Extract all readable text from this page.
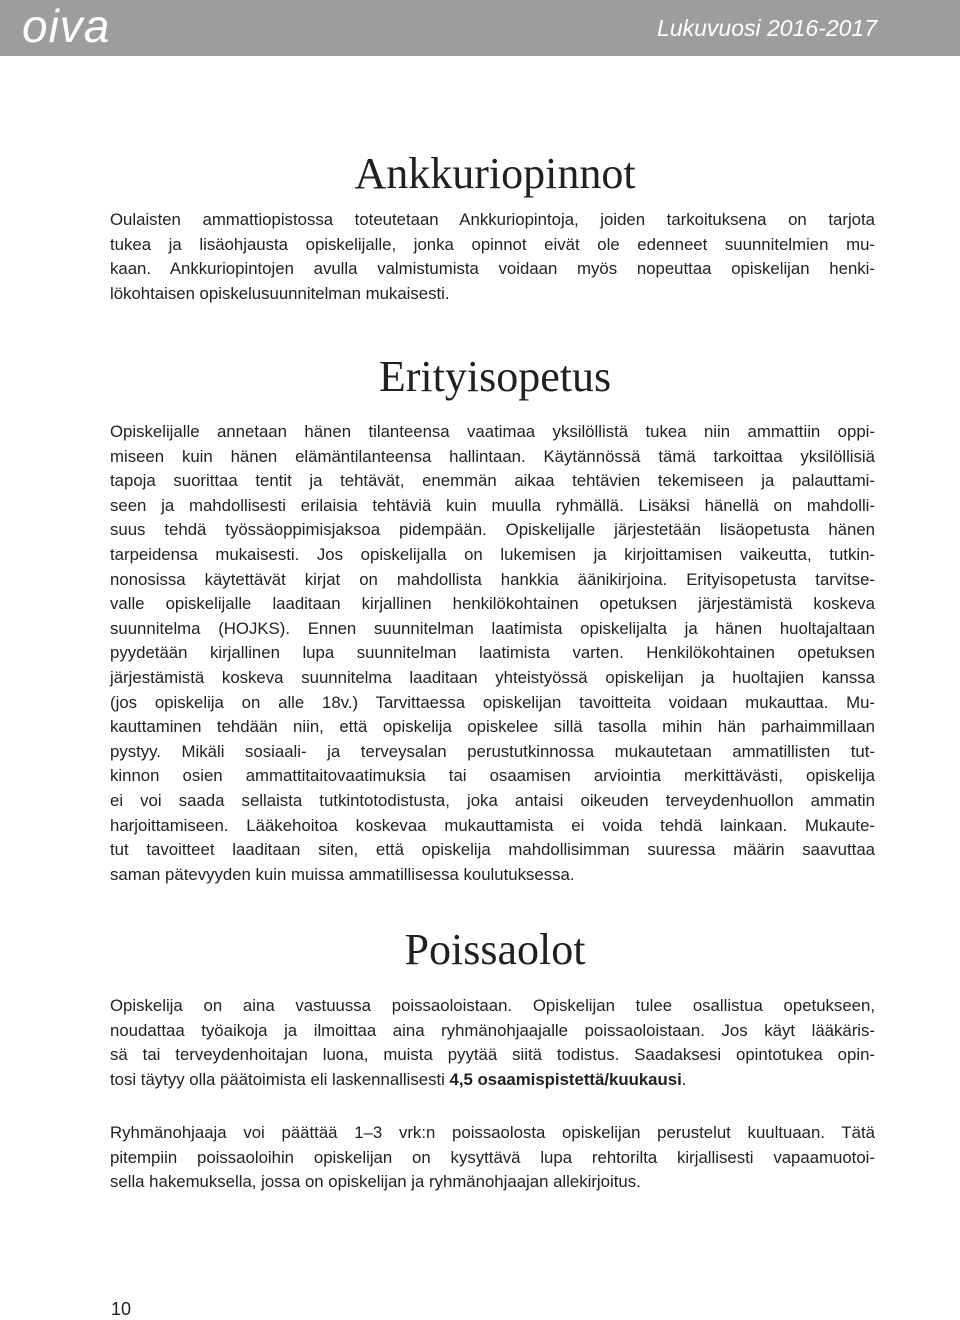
oiva	Lukuvuosi 2016-2017
Ankkuriopinnot
Oulaisten ammattiopistossa toteutetaan Ankkuriopintoja, joiden tarkoituksena on tarjota
tukea ja lisäohjausta opiskelijalle, jonka opinnot eivät ole edenneet suunnitelmien mu-
kaan. Ankkuriopintojen avulla valmistumista voidaan myös nopeuttaa opiskelijan henki-
lökohtaisen opiskelusuunnitelman mukaisesti.
Erityisopetus
Opiskelijalle annetaan hänen tilanteensa vaatimaa yksilöllistä tukea niin ammattiin oppi-
miseen kuin hänen elämäntilanteensa hallintaan. Käytännössä tämä tarkoittaa yksilöllisiä
tapoja suorittaa tentit ja tehtävät, enemmän aikaa tehtävien tekemiseen ja palauttami-
seen ja mahdollisesti erilaisia tehtäviä kuin muulla ryhmällä. Lisäksi hänellä on mahdolli-
suus tehdä työssäoppimisjaksoa pidempään. Opiskelijalle järjestetään lisäopetusta hänen
tarpeidensa mukaisesti. Jos opiskelijalla on lukemisen ja kirjoittamisen vaikeutta, tutkin-
nonosissa käytettävät kirjat on mahdollista hankkia äänikirjoina. Erityisopetusta tarvitse-
valle opiskelijalle laaditaan kirjallinen henkilökohtainen opetuksen järjestämistä koskeva
suunnitelma (HOJKS). Ennen suunnitelman laatimista opiskelijalta ja hänen huoltajaltaan
pyydetään kirjallinen lupa suunnitelman laatimista varten. Henkilökohtainen opetuksen
järjestämistä koskeva suunnitelma laaditaan yhteistyössä opiskelijan ja huoltajien kanssa
(jos opiskelija on alle 18v.) Tarvittaessa opiskelijan tavoitteita voidaan mukauttaa. Mu-
kauttaminen tehdään niin, että opiskelija opiskelee sillä tasolla mihin hän parhaimmillaan
pystyy. Mikäli sosiaali- ja terveysalan perustutkinnossa mukautetaan ammatillisten tut-
kinnon osien ammattitaitovaatimuksia tai osaamisen arviointia merkittävästi, opiskelija
ei voi saada sellaista tutkintotodistusta, joka antaisi oikeuden terveydenhuollon ammatin
harjoittamiseen. Lääkehoitoa koskevaa mukauttamista ei voida tehdä lainkaan. Mukaute-
tut tavoitteet laaditaan siten, että opiskelija mahdollisimman suuressa määrin saavuttaa
saman pätevyyden kuin muissa ammatillisessa koulutuksessa.
Poissaolot
Opiskelija on aina vastuussa poissaoloistaan. Opiskelijan tulee osallistua opetukseen,
noudattaa työaikoja ja ilmoittaa aina ryhmänohjaajalle poissaoloistaan. Jos käyt lääkäris-
sä tai terveydenhoitajan luona, muista pyytää siitä todistus. Saadaksesi opintotukea opin-
tosi täytyy olla päätoimista eli laskennallisesti 4,5 osaamispistettä/kuukausi.
Ryhmänohjaaja voi päättää 1–3 vrk:n poissaolosta opiskelijan perustelut kuultuaan. Tätä
pitempiin poissaoloihin opiskelijan on kysyttävä lupa rehtorilta kirjallisesti vapaamuotoi-
sella hakemuksella, jossa on opiskelijan ja ryhmänohjaajan allekirjoitus.
10
